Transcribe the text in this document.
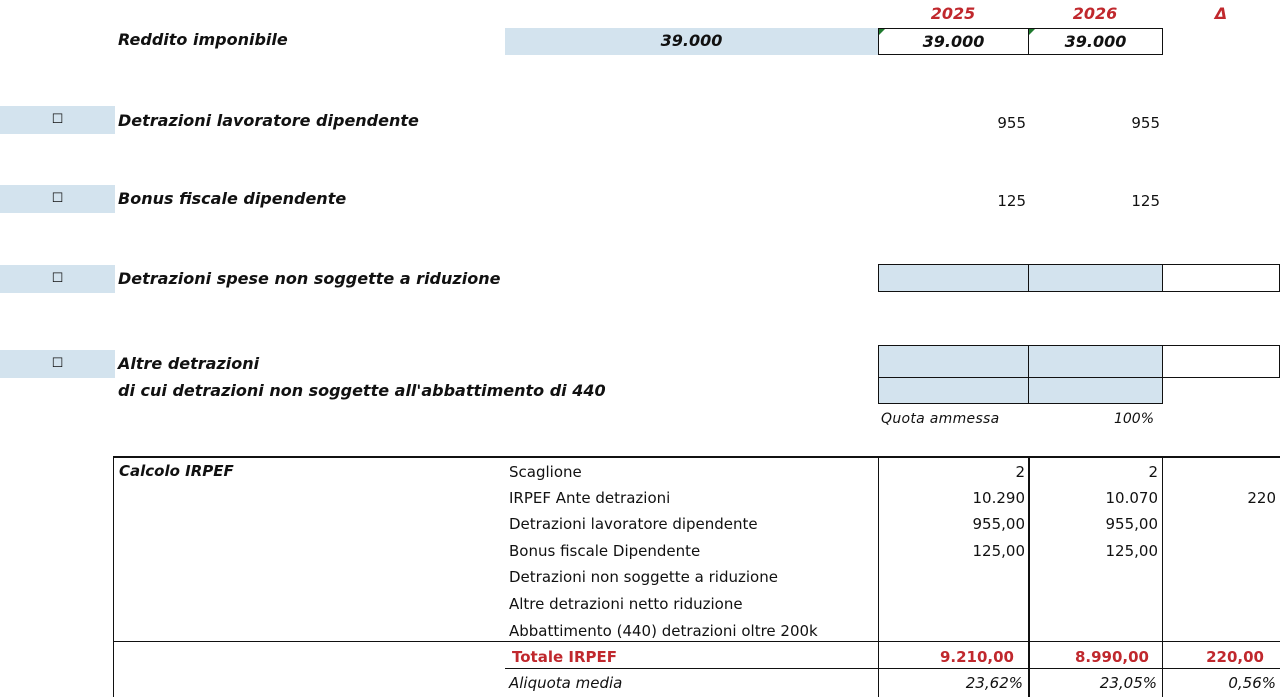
2025	2026	Δ
Reddito imponibile	39.000	39.000	39.000
☐	Detrazioni lavoratore dipendente	955	955
☐	Bonus fiscale dipendente	125	125
☐	Detrazioni spese non soggette a riduzione
☐	Altre detrazioni
di cui detrazioni non soggette all'abbattimento di 440
Quota ammessa	100%
Calcolo IRPEF	Scaglione	2	2
IRPEF Ante detrazioni	10.290	10.070	220
Detrazioni lavoratore dipendente	955,00	955,00
Bonus fiscale Dipendente	125,00	125,00
Detrazioni non soggette a riduzione
Altre detrazioni netto riduzione
Abbattimento (440) detrazioni oltre 200k
Totale IRPEF	9.210,00	8.990,00	220,00
Aliquota media	23,62%	23,05%	0,56%
